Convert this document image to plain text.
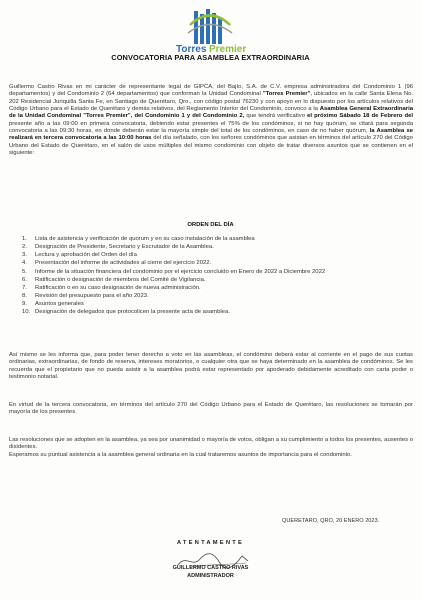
Torres Premier
CONVOCATORIA PARA ASAMBLEA EXTRAORDINARIA
Guillermo Castro Rivas en mi carácter de representante legal de GIPCA, del Bajío, S.A. de C.V. empresa administradora del Condominio 1 (96 departamentos) y del Condominio 2 (64 departamentos) que conforman la Unidad Condominal "Torres Premier", ubicados en la calle Santa Elena No. 202 Residencial Juriquilla Santa Fe, en Santiago de Querétaro, Qro., con código postal 76230 y con apoyo en lo dispuesto por los artículos relativos del Código Urbano para el Estado de Querétaro y demás relativos, del Reglamento Interior del Condominio, convoco a la Asamblea General Extraordinaria de la Unidad Condominal "Torres Premier", del Condominio 1 y del Condominio 2, que tendrá verificativo el próximo Sábado 18 de Febrero del presente año a las 09:00 en primera convocatoria, debiendo estar presentes el 75% de los condóminos, si no hay quórum, se citará para segunda convocatoria a las 09:30 horas, en donde deberán estar la mayoría simple del total de los condóminos, en caso de no haber quórum, la Asamblea se realizará en tercera convocatoria a las 10:00 horas del día señalado, con los señores condóminos que asistan en términos del artículo 270 del Código Urbano del Estado de Querétaro, en el salón de usos múltiples del mismo condominio con objeto de tratar diversos asuntos que se contienen en el siguiente:
ORDEN DEL DÍA
1.	Lista de asistencia y verificación de quorum y en su caso instalación de la asamblea
2.	Designación de Presidente, Secretario y Escrutador de la Asamblea.
3.	Lectura y aprobación del Orden del día
4.	Presentación del informe de actividades al cierre del ejercicio 2022.
5.	Informe de la situación financiera del condominio por el ejercicio concluido en Enero de 2022 a Diciembre 2022
6.	Ratificación o designación de miembros del Comité de Vigilancia.
7.	Ratificación o en su caso designación de nueva administración.
8.	Revisión del presupuesto para el año 2023.
9.	Asuntos generales
10. Designación de delegados que protocolicen la presente acta de asamblea.
Así mismo se les informa que, para poder tener derecho a voto en las asambleas, el condómino deberá estar al corriente en el pago de sus cuotas ordinarias, extraordinarias, de fondo de reserva, intereses moratorios, o cualquier otra que se haya determinado en la asamblea de condóminos. Se les recuerda que el propietario que no pueda asistir a la asamblea podrá estar representado por apoderado debidamente acreditado con carta poder o testimonio notarial.
En virtud de la tercera convocatoria, en términos del artículo 270 del Código Urbano para el Estado de Querétaro, las resoluciones se tomarán por mayoría de los presentes.
Las resoluciones que se adopten en la asamblea, ya sea por unanimidad o mayoría de votos, obligan a su cumplimiento a todos los presentes, ausentes o disidentes.
Esperamos su puntual asistencia a la asamblea general ordinaria en la cual trataremos asuntos de importancia para el condominio.
QUERETARO, QRO, 20 ENERO 2023.
ATENTAMENTE
GUILLERMO CASTRO RIVAS
ADMINISTRADOR
